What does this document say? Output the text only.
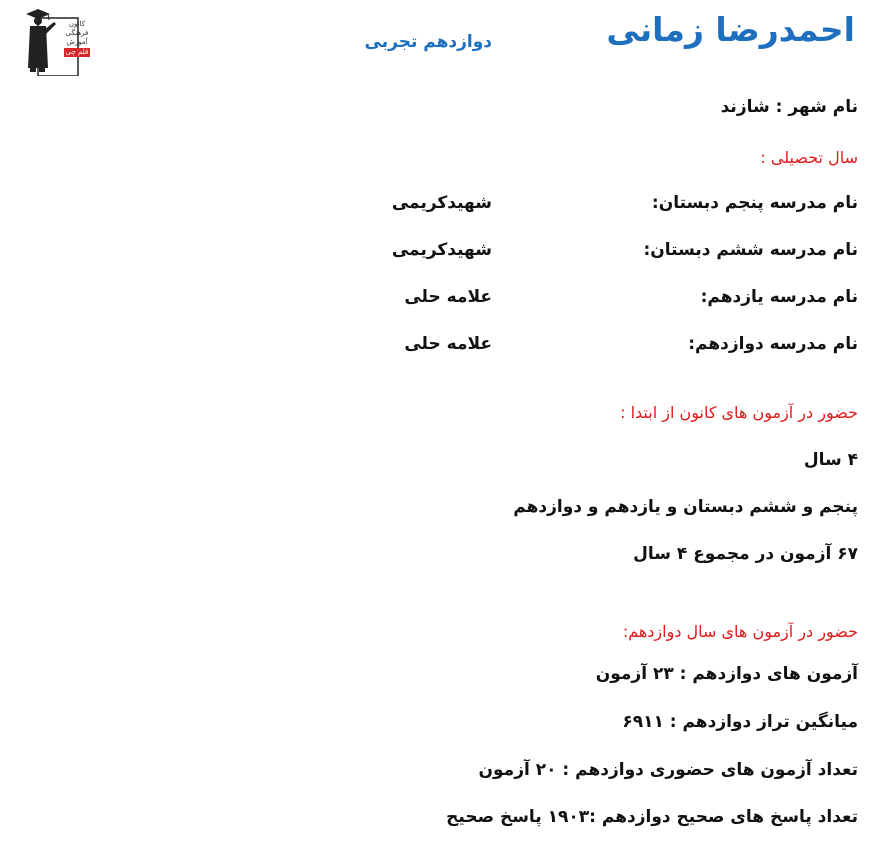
کانون
فرهنگی
آموزش
قلم چی
احمدرضا زمانی
دوازدهم تجربی
نام شهر : شازند
سال تحصیلی :
نام مدرسه پنجم دبستان:
شهیدکریمی
نام مدرسه ششم دبستان:
شهیدکریمی
نام مدرسه یازدهم:
علامه حلی
نام مدرسه دوازدهم:
علامه حلی
حضور در آزمون های کانون از ابتدا :
۴ سال
پنجم و ششم دبستان و یازدهم و دوازدهم
۶۷ آزمون در مجموع ۴ سال
حضور در آزمون های سال دوازدهم:
آزمون های دوازدهم : ۲۳ آزمون
میانگین تراز دوازدهم : ۶۹۱۱
تعداد آزمون های حضوری دوازدهم : ۲۰ آزمون
تعداد پاسخ های صحیح دوازدهم :۱۹۰۳ پاسخ صحیح
